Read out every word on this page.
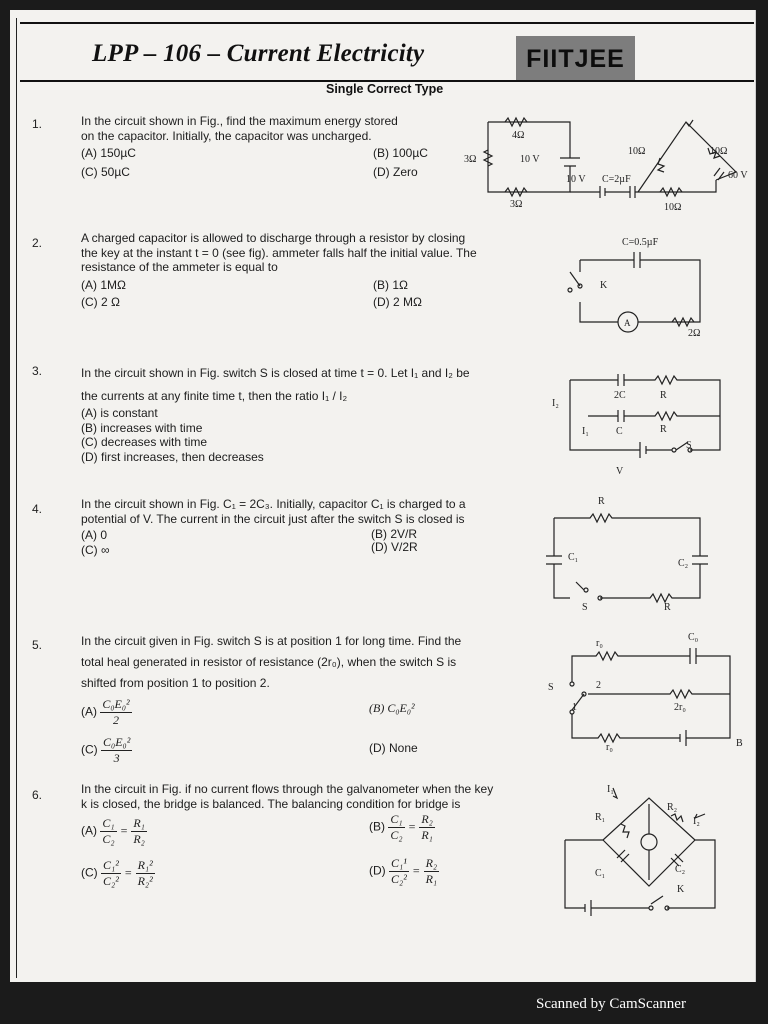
LPP – 106 – Current Electricity	FIITJEE
Single Correct Type
1.	In the circuit shown in Fig., find the maximum energy stored
on the capacitor. Initially, the capacitor was uncharged.
(A) 150µC	(B) 100µC
(C) 50µC	(D) Zero
4Ω
3Ω	10 V
3Ω
10 V C=2µF
10Ω	10Ω
10Ω
60 V
2.	A charged capacitor is allowed to discharge through a resistor by closing
the key at the instant t = 0 (see fig). ammeter falls half the initial value. The
resistance of the ammeter is equal to
(A) 1MΩ	(B) 1Ω
(C) 2 Ω	(D) 2 MΩ
C=0.5µF
K
A
2Ω
3.	In the circuit shown in Fig. switch S is closed at time t = 0. Let I₁ and I₂ be
the currents at any finite time t, then the ratio I₁ / I₂
(A) is constant
(B) increases with time
(C) decreases with time
(D) first increases, then decreases
2C	R
I₂
I₁	C	R
S
V
4.	In the circuit shown in Fig. C₁ = 2C₃. Initially, capacitor C₁ is charged to a
potential of V. The current in the circuit just after the switch S is closed is
(A) 0	(B) 2V/R
(C) ∞	(D) V/2R
R
C₁
C₂
S	R
5.	In the circuit given in Fig. switch S is at position 1 for long time. Find the
total heal generated in resistor of resistance (2r₀), when the switch S is
shifted from position 1 to position 2.
$(A) \frac{\text{C₀E₀²}}{2}$	(B) C₀E₀²
$(C) \frac{\text{C₀E₀²}}{3}$	(D) None
r₀
C₀
S	2
1	2r₀
r₀	B
6.	In the circuit in Fig. if no current flows through the galvanometer when the key
k is closed, the bridge is balanced. The balancing condition for bridge is
$(A) \frac{\text{C₁}}{\text{C₂}} = \frac{\text{R₁}}{\text{R₂}}$	$(B) \frac{\text{C₁}}{\text{C₂}} = \frac{\text{R₂}}{\text{R₁}}$
$(C) \frac{\text{C₁²}}{\text{C₂²}} = \frac{\text{R₁²}}{\text{R₂²}}$	$(D) \frac{\text{C₁¹}}{\text{C₂²}} = \frac{\text{R₂}}{\text{R₁}}$
I₁
R₁
R₂
I₂
C₁	C₂
K
Scanned by CamScanner
